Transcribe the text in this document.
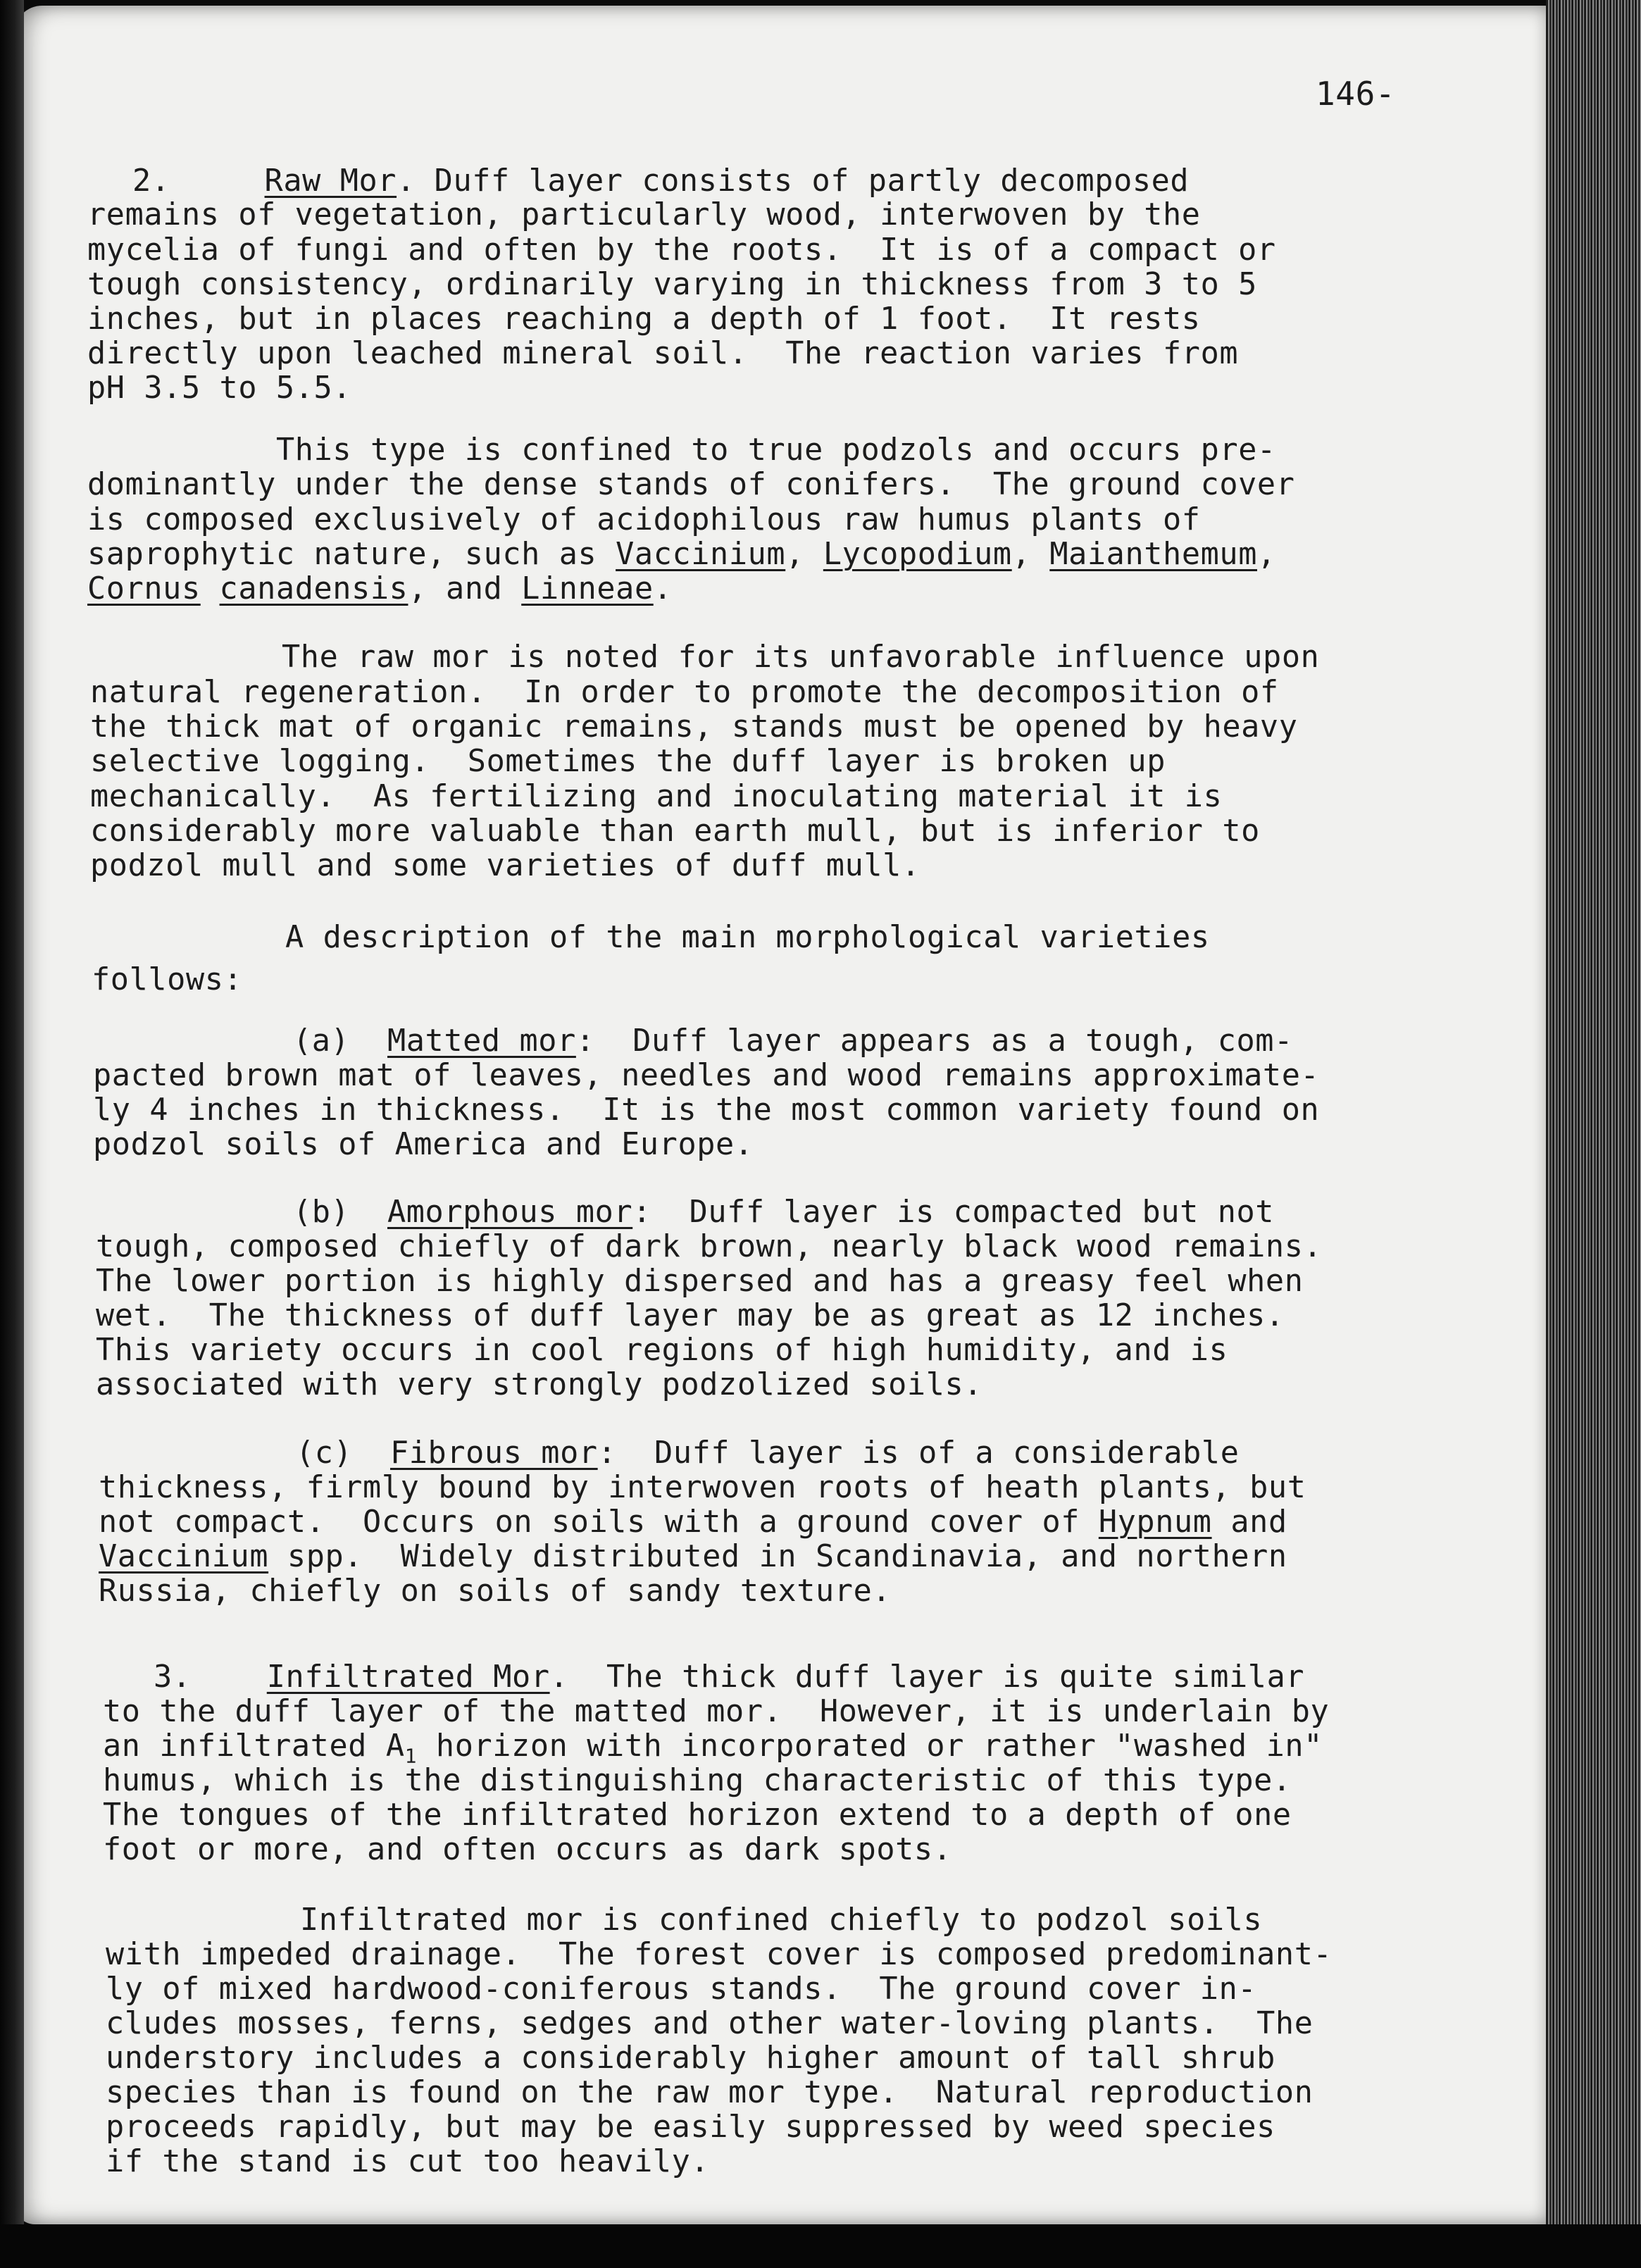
146-
2.	Raw Mor. Duff layer consists of partly decomposed
remains of vegetation, particularly wood, interwoven by the
mycelia of fungi and often by the roots.  It is of a compact or
tough consistency, ordinarily varying in thickness from 3 to 5
inches, but in places reaching a depth of 1 foot.  It rests
directly upon leached mineral soil.  The reaction varies from
pH 3.5 to 5.5.
This type is confined to true podzols and occurs pre-
dominantly under the dense stands of conifers.  The ground cover
is composed exclusively of acidophilous raw humus plants of
saprophytic nature, such as Vaccinium, Lycopodium, Maianthemum,
Cornus canadensis, and Linneae.
The raw mor is noted for its unfavorable influence upon
natural regeneration.  In order to promote the decomposition of
the thick mat of organic remains, stands must be opened by heavy
selective logging.  Sometimes the duff layer is broken up
mechanically.  As fertilizing and inoculating material it is
considerably more valuable than earth mull, but is inferior to
podzol mull and some varieties of duff mull.
A description of the main morphological varieties
follows:
(a) Matted mor:  Duff layer appears as a tough, com-
pacted brown mat of leaves, needles and wood remains approximate-
ly 4 inches in thickness.  It is the most common variety found on
podzol soils of America and Europe.
(b) Amorphous mor:  Duff layer is compacted but not
tough, composed chiefly of dark brown, nearly black wood remains.
The lower portion is highly dispersed and has a greasy feel when
wet.  The thickness of duff layer may be as great as 12 inches.
This variety occurs in cool regions of high humidity, and is
associated with very strongly podzolized soils.
(c) Fibrous mor:  Duff layer is of a considerable
thickness, firmly bound by interwoven roots of heath plants, but
not compact.  Occurs on soils with a ground cover of Hypnum and
Vaccinium spp.  Widely distributed in Scandinavia, and northern
Russia, chiefly on soils of sandy texture.
3. Infiltrated Mor.  The thick duff layer is quite similar
to the duff layer of the matted mor.  However, it is underlain by
an infiltrated $A_1$ horizon with incorporated or rather "washed in"
humus, which is the distinguishing characteristic of this type.
The tongues of the infiltrated horizon extend to a depth of one
foot or more, and often occurs as dark spots.
Infiltrated mor is confined chiefly to podzol soils
with impeded drainage.  The forest cover is composed predominant-
ly of mixed hardwood-coniferous stands.  The ground cover in-
cludes mosses, ferns, sedges and other water-loving plants.  The
understory includes a considerably higher amount of tall shrub
species than is found on the raw mor type.  Natural reproduction
proceeds rapidly, but may be easily suppressed by weed species
if the stand is cut too heavily.
